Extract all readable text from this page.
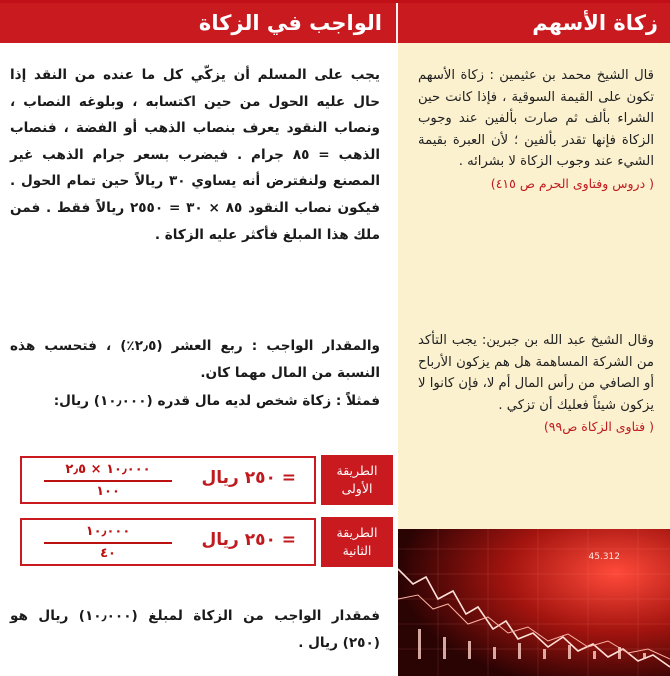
الواجب في الزكاة	زكاة الأسهم
قال الشيخ محمد بن عثيمين : زكاة الأسهم تكون على القيمة السوقية ، فإذا كانت حين الشراء بألف ثم صارت بألفين عند وجوب الزكاة فإنها تقدر بألفين ؛ لأن العبرة بقيمة الشيء عند وجوب الزكاة لا بشرائه .

( دروس وفتاوى الحرم ص ٤١٥)
وقال الشيخ عبد الله بن جبرين: يجب التأكد من الشركة المساهمة هل هم يزكون الأرباح أو الصافي من رأس المال أم لا، فإن كانوا لا يزكون شيئاً فعليك أن تزكي .

( فتاوى الزكاة ص٩٩)
45.312
يجب على المسلم أن يزكّي كل ما عنده من النقد إذا حال عليه الحول من حين اكتسابه ، وبلوغه النصاب ، ونصاب النقود يعرف بنصاب الذهب أو الفضة ، فنصاب الذهب = ٨٥ جرام . فيضرب بسعر جرام الذهب غير المصنع ولنفترض أنه يساوي ٣٠ ريالاً حين تمام الحول . فيكون نصاب النقود ٨٥ × ٣٠ = ٢٥٥٠ ريالاً فقط . فمن ملك هذا المبلغ فأكثر عليه الزكاة .
والمقدار الواجب : ربع العشر (٢٫٥٪) ، فتحسب هذه النسبة من المال مهما كان.
فمثلاً : زكاة شخص لديه مال قدره (١٠٫٠٠٠) ريال:
الطريقة الأولى
= ٢٥٠ ريال
١٠٫٠٠٠ × ٢٫٥
١٠٠
الطريقة الثانية
= ٢٥٠ ريال
١٠٫٠٠٠
٤٠
فمقدار الواجب من الزكاة لمبلغ (١٠٫٠٠٠) ريال هو (٢٥٠) ريال .
